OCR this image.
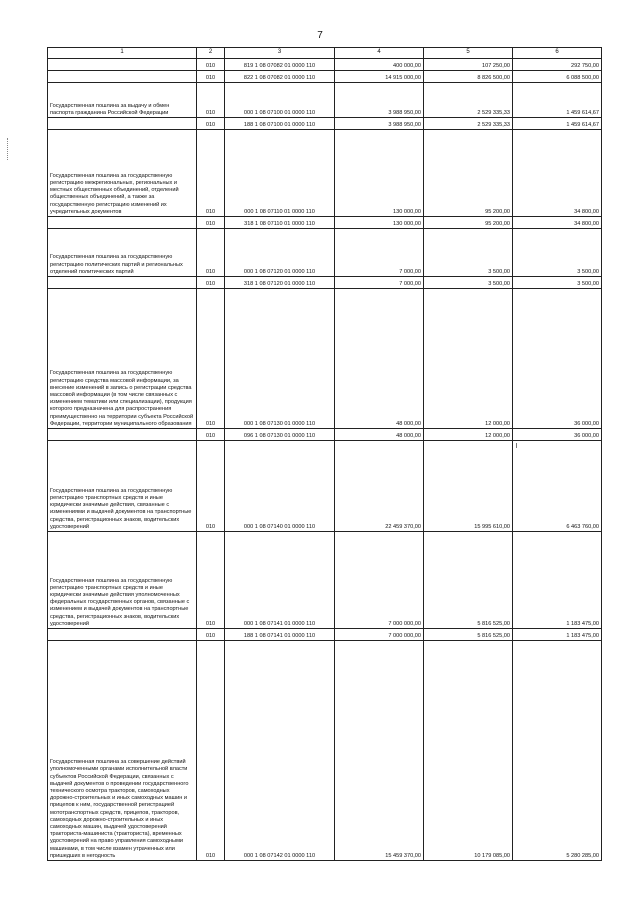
7
1	2	3	4	5	6
	010	819 1 08 07082 01 0000 110	400 000,00	107 250,00	292 750,00
	010	822 1 08 07082 01 0000 110	14 915 000,00	8 826 500,00	6 088 500,00
Государственная пошлина за выдачу и обмен паспорта гражданина Российской Федерации	010	000 1 08 07100 01 0000 110	3 988 950,00	2 529 335,33	1 459 614,67
	010	188 1 08 07100 01 0000 110	3 988 950,00	2 529 335,33	1 459 614,67
Государственная пошлина за государственную регистрацию межрегиональных, региональных и местных общественных объединений, отделений общественных объединений, а также за государственную регистрацию изменений их учредительных документов	010	000 1 08 07110 01 0000 110	130 000,00	95 200,00	34 800,00
	010	318 1 08 07110 01 0000 110	130 000,00	95 200,00	34 800,00
Государственная пошлина за государственную регистрацию политических партий и региональных отделений политических партий	010	000 1 08 07120 01 0000 110	7 000,00	3 500,00	3 500,00
	010	318 1 08 07120 01 0000 110	7 000,00	3 500,00	3 500,00
Государственная пошлина за государственную регистрацию средства массовой информации, за внесение изменений в запись о регистрации средства массовой информации (в том числе связанных с изменением тематики или специализации), продукция которого предназначена для распространения преимущественно на территории субъекта Российской Федерации, территории муниципального образования	010	000 1 08 07130 01 0000 110	48 000,00	12 000,00	36 000,00
	010	096 1 08 07130 01 0000 110	48 000,00	12 000,00	36 000,00
Государственная пошлина за государственную регистрацию транспортных средств и иные юридически значимые действия, связанные с изменениями и выдачей документов на транспортные средства, регистрационных знаков, водительских удостоверений	010	000 1 08 07140 01 0000 110	22 459 370,00	15 995 610,00	6 463 760,00
Государственная пошлина за государственную регистрацию транспортных средств и иные юридически значимые действия уполномоченных федеральных государственных органов, связанные с изменением и выдачей документов на транспортные средства, регистрационных знаков, водительских удостоверений	010	000 1 08 07141 01 0000 110	7 000 000,00	5 816 525,00	1 183 475,00
	010	188 1 08 07141 01 0000 110	7 000 000,00	5 816 525,00	1 183 475,00
Государственная пошлина за совершение действий уполномоченными органами исполнительной власти субъектов Российской Федерации, связанных с выдачей документов о проведении государственного технического осмотра тракторов, самоходных дорожно-строительных и иных самоходных машин и прицепов к ним, государственной регистрацией мототранспортных средств, прицепов, тракторов, самоходных дорожно-строительных и иных самоходных машин, выдачей удостоверений тракториста-машиниста (тракториста), временных удостоверений на право управления самоходными машинами, в том числе взамен утраченных или пришедших в негодность	010	000 1 08 07142 01 0000 110	15 459 370,00	10 179 085,00	5 280 285,00
